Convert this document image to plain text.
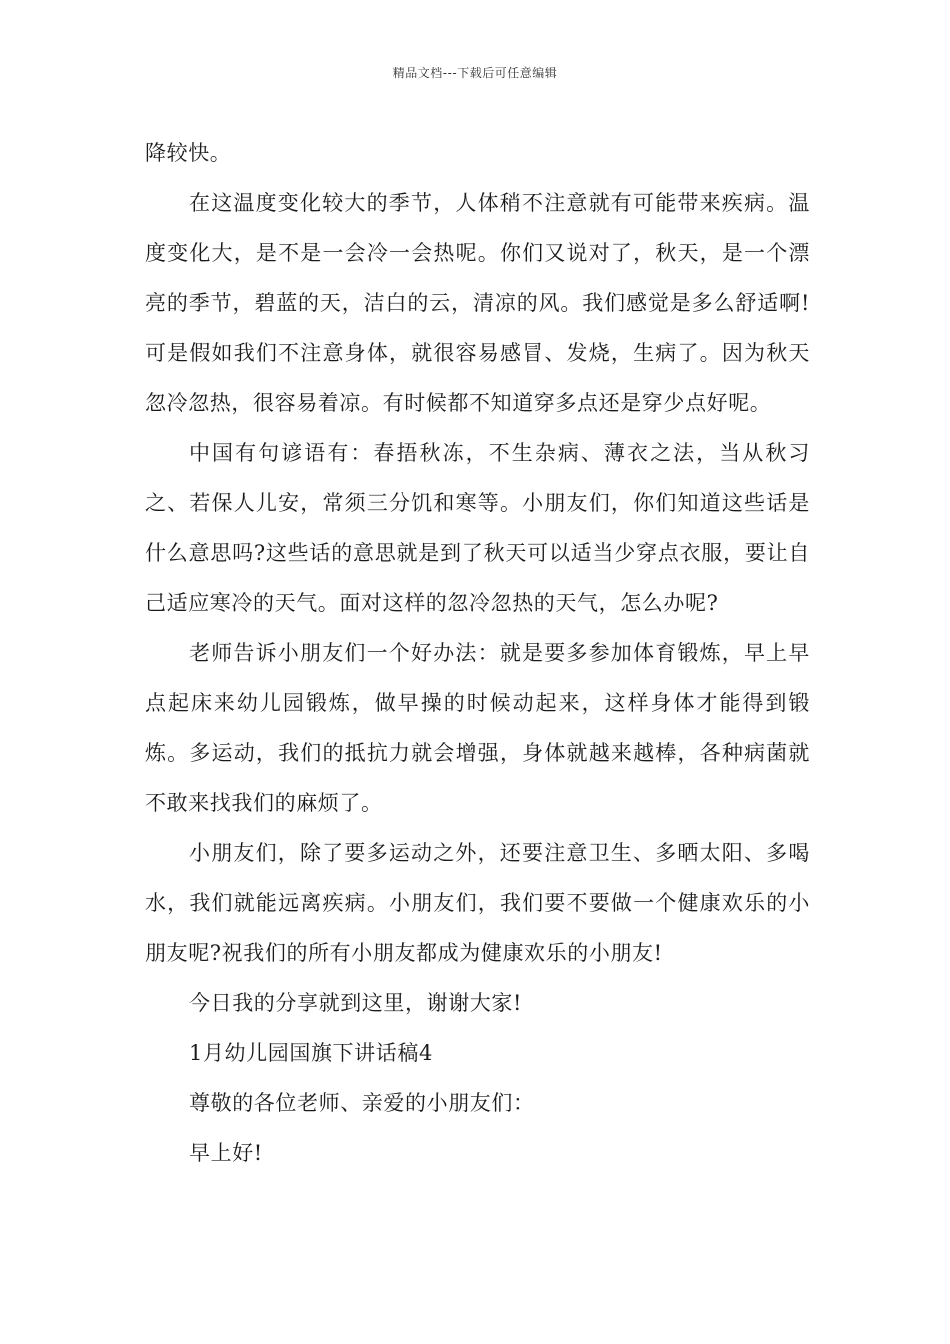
精品文档---下载后可任意编辑

降较快。

在这温度变化较大的季节，人体稍不注意就有可能带来疾病。温度变化大，是不是一会冷一会热呢。你们又说对了，秋天，是一个漂亮的季节，碧蓝的天，洁白的云，清凉的风。我们感觉是多么舒适啊!可是假如我们不注意身体，就很容易感冒、发烧，生病了。因为秋天忽冷忽热，很容易着凉。有时候都不知道穿多点还是穿少点好呢。

中国有句谚语有：春捂秋冻，不生杂病、薄衣之法，当从秋习之、若保人儿安，常须三分饥和寒等。小朋友们，你们知道这些话是什么意思吗?这些话的意思就是到了秋天可以适当少穿点衣服，要让自己适应寒冷的天气。面对这样的忽冷忽热的天气，怎么办呢?

老师告诉小朋友们一个好办法：就是要多参加体育锻炼，早上早点起床来幼儿园锻炼，做早操的时候动起来，这样身体才能得到锻炼。多运动，我们的抵抗力就会增强，身体就越来越棒，各种病菌就不敢来找我们的麻烦了。

小朋友们，除了要多运动之外，还要注意卫生、多晒太阳、多喝水，我们就能远离疾病。小朋友们，我们要不要做一个健康欢乐的小朋友呢?祝我们的所有小朋友都成为健康欢乐的小朋友!

今日我的分享就到这里，谢谢大家!

1月幼儿园国旗下讲话稿4

尊敬的各位老师、亲爱的小朋友们：

早上好!
